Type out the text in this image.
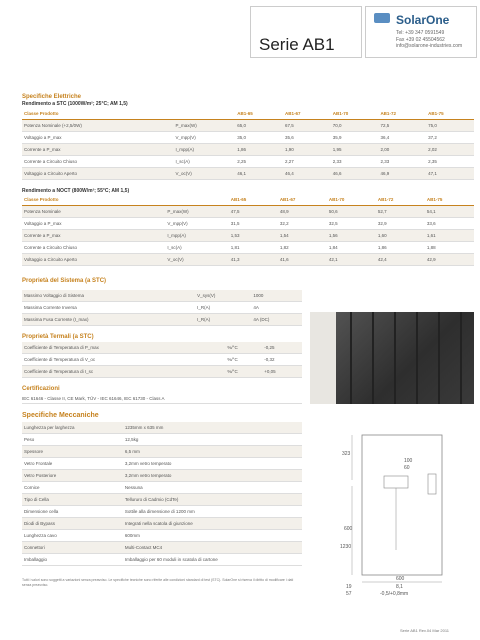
Serie AB1
SolarOne
Tel: +39 347 0591549
Fax +39 02 45504562
info@solarone-industries.com
Specifiche Elettriche
Rendimento a STC (1000W/m²; 25°C; AM 1,5)
Classe Prodotto		AB1-65	AB1-67	AB1-70	AB1-72	AB1-75
Potenza Nominale (+2,5/0W)	P_max(W)	65,0	67,5	70,0	72,5	75,0
Voltaggio a P_max	V_mpp(V)	35,0	35,6	35,9	36,4	37,2
Corrente a P_max	I_mpp(A)	1,86	1,90	1,95	2,00	2,02
Corrente a Circuito Chiuso	I_sc(A)	2,25	2,27	2,33	2,33	2,35
Voltaggio a Circuito Aperto	V_oc(V)	46,1	46,4	46,6	46,9	47,1
Rendimento a NOCT (800W/m²; 55°C; AM 1,5)
Classe Prodotto		AB1-65	AB1-67	AB1-70	AB1-72	AB1-75
Potenza Nominale	P_max(W)	47,5	48,9	50,6	52,7	54,1
Voltaggio a P_max	V_mpp(V)	31,5	32,2	32,5	32,9	33,6
Corrente a P_max	I_mpp(A)	1,53	1,54	1,56	1,60	1,61
Corrente a Circuito Chiuso	I_sc(A)	1,81	1,82	1,84	1,86	1,88
Voltaggio a Circuito Aperto	V_oc(V)	41,3	41,6	42,1	42,4	42,9
Proprietà del Sistema (a STC)
Massimo Voltaggio di Sistema	V_sys(V)	1000
Massima Corrente Inversa	I_R(A)	4A
Massima Fusa Corrente (I_max)	I_R(A)	4A (DC)
Proprietà Termali (a STC)
Coefficiente di Temperatura di P_max	%/°C	-0,25
Coefficiente di Temperatura di V_oc	%/°C	-0,32
Coefficiente di Temperatura di I_sc	%/°C	+0,05
Certificazioni
IEC 61646 - Classe II, CE Mark, TÜV - IEC 61646, IEC 61730 - Class A
Specifiche Meccaniche
Lunghezza per larghezza	1235mm x 635 mm
Peso	12,5kg
Spessore	6,5 mm
Vetro Frontale	3,2mm vetro temperato
Vetro Posteriore	3,2mm vetro temperato
Cornice	Nessuna
Tipo di Cella	Tellururo di Cadmio (CdTe)
Dimensione cella	Sottile alla dimensione di 1200 mm
Diodi di Bypass	Integrati nella scatola di giunzione
Lunghezza cavo	600mm
Connettori	Multi-Contact MC4
Imballaggio	Imballaggio per 60 moduli in scatola di cartone
323
100
60
600
1230
600
8,1
19
57	-0,5/+0,8mm
Tutti i valori sono soggetti a variazioni senza preavviso. Le specifiche tecniche sono riferite alle condizioni standard di test (STC). SolarOne si riserva il diritto di modificare i dati senza preavviso.
Serie AB1 Rev.04 Mar 2011
